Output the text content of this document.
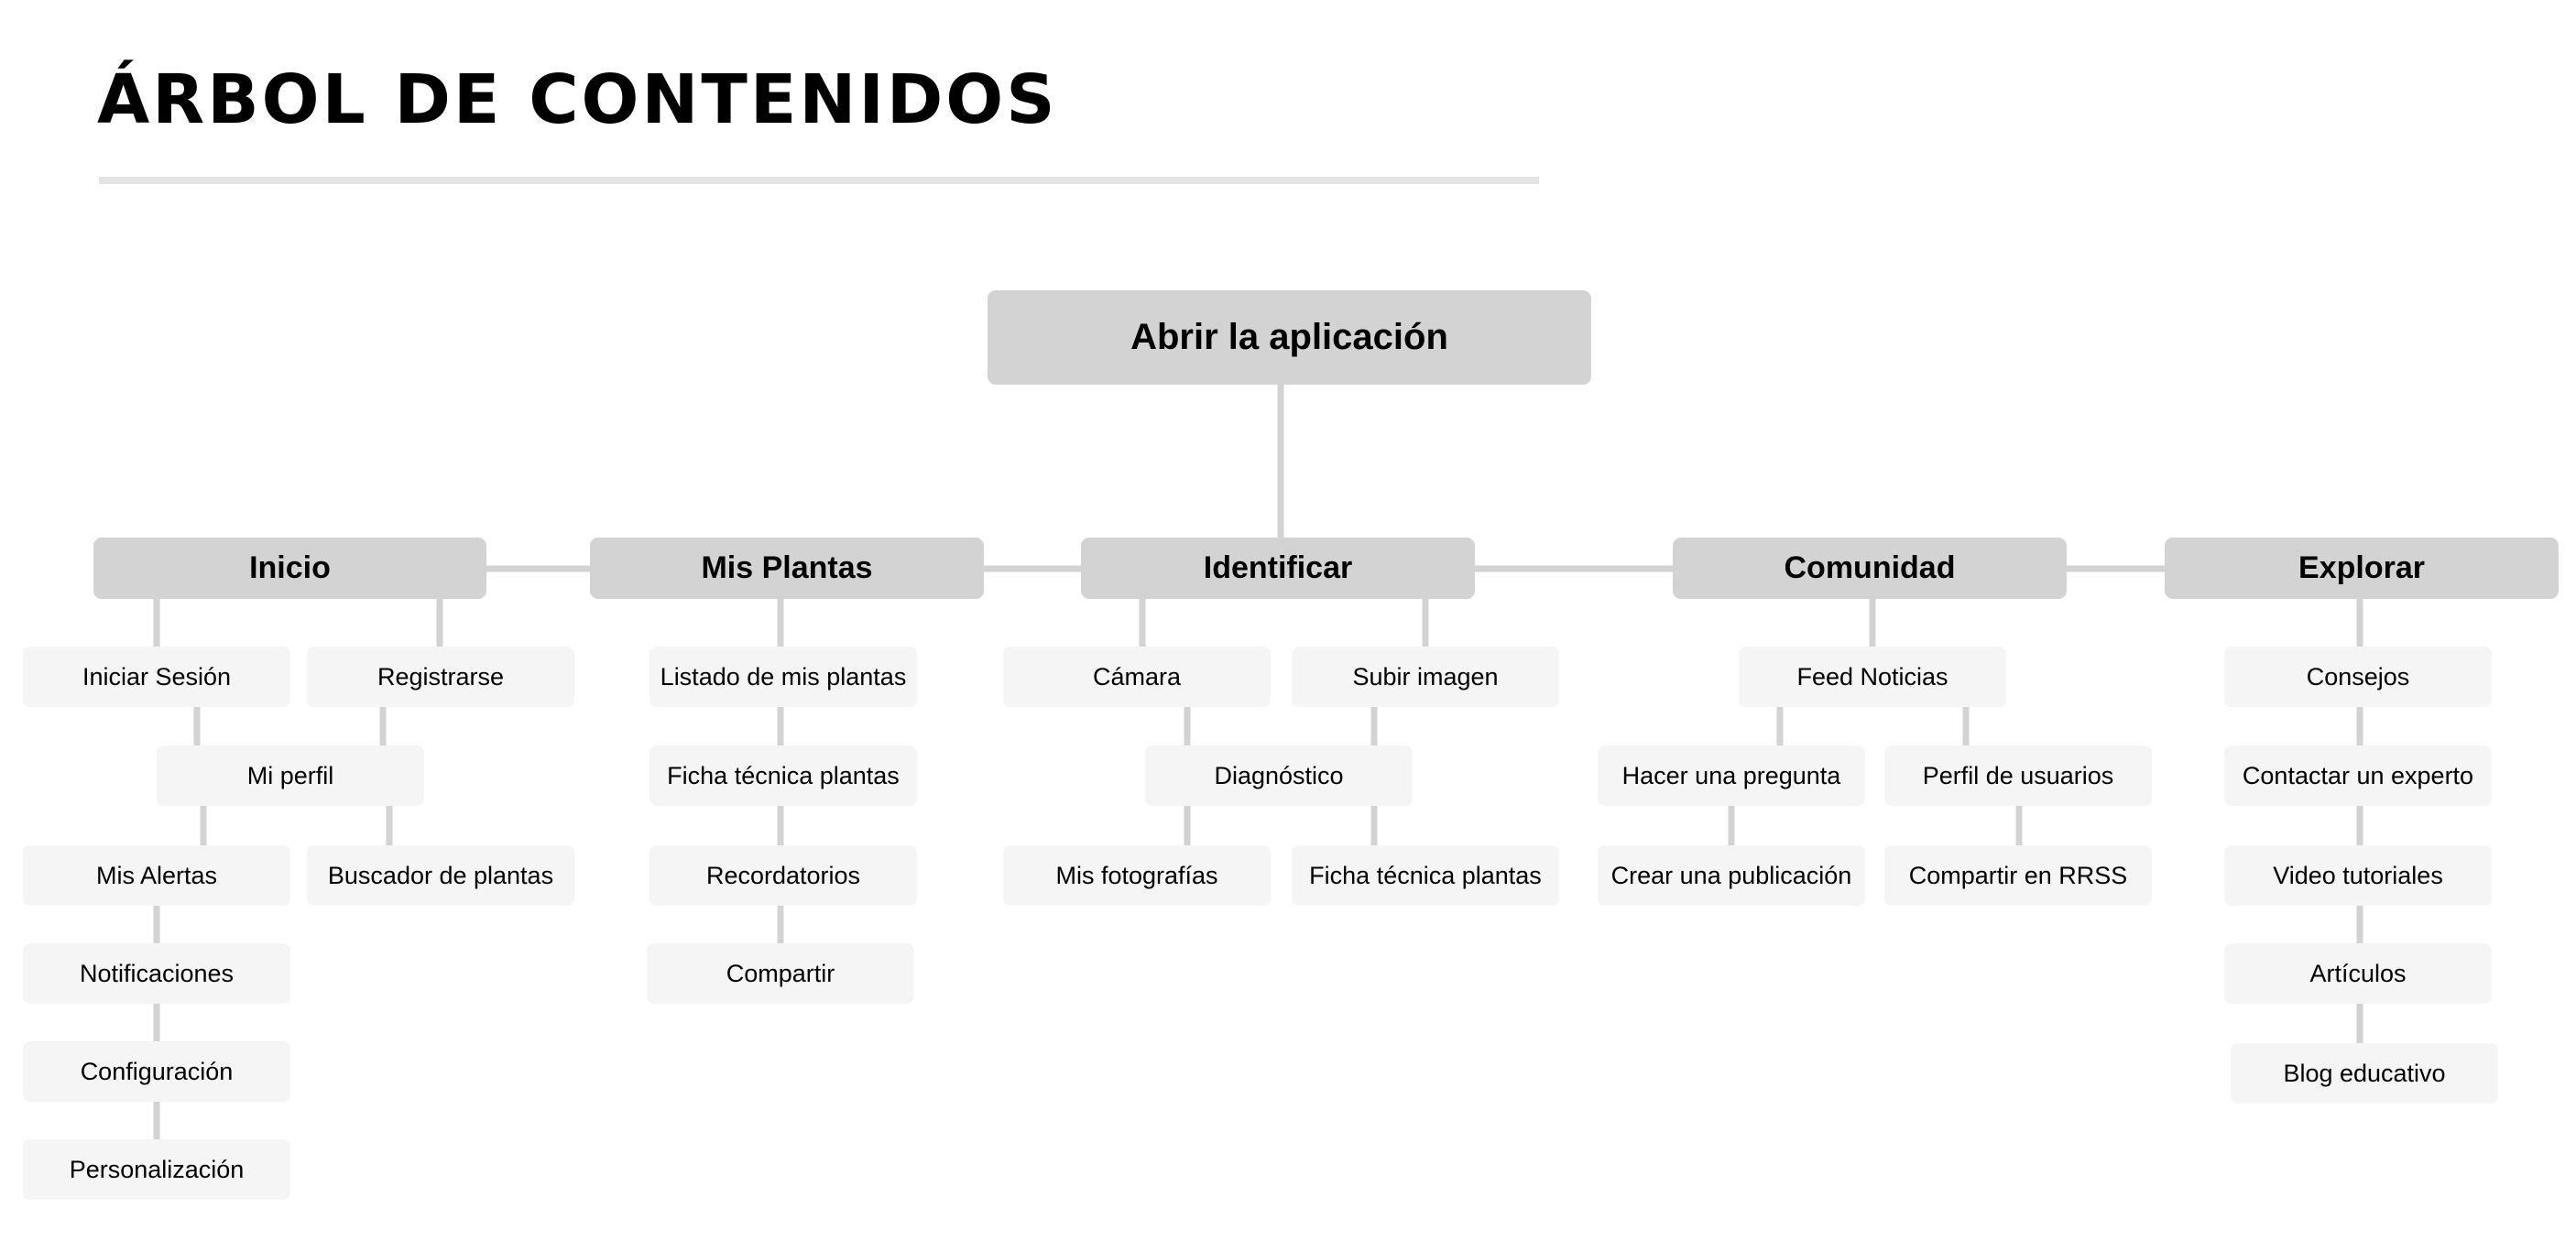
ÁRBOL DE CONTENIDOS
Abrir la aplicación
Inicio	Mis Plantas	Identificar	Comunidad	Explorar
Iniciar Sesión	Registrarse
Mi perfil
Mis Alertas	Buscador de plantas
Notificaciones
Configuración
Personalización
Listado de mis plantas
Ficha técnica plantas
Recordatorios
Compartir
Cámara	Subir imagen
Diagnóstico
Mis fotografías	Ficha técnica plantas
Feed Noticias
Hacer una pregunta	Perfil de usuarios
Crear una publicación	Compartir en RRSS
Consejos
Contactar un experto
Video tutoriales
Artículos
Blog educativo
